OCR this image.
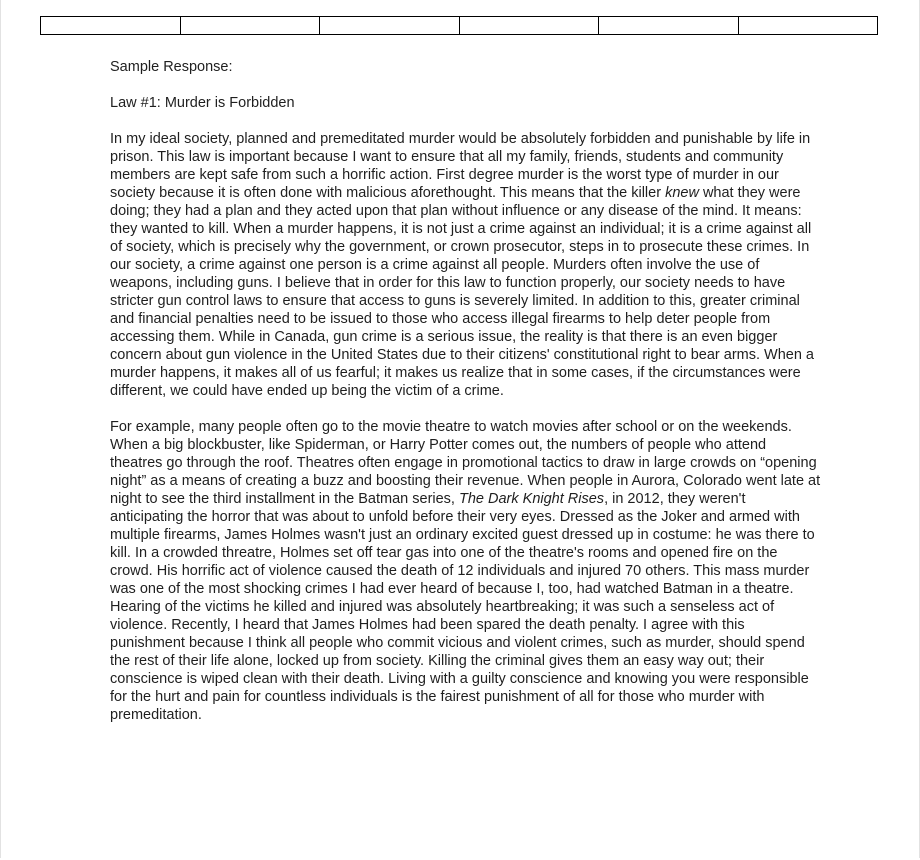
Sample Response:

Law #1: Murder is Forbidden

In my ideal society, planned and premeditated murder would be absolutely forbidden and punishable by life in prison. This law is important because I want to ensure that all my family, friends, students and community members are kept safe from such a horrific action. First degree murder is the worst type of murder in our society because it is often done with malicious aforethought. This means that the killer knew what they were doing; they had a plan and they acted upon that plan without influence or any disease of the mind. It means: they wanted to kill. When a murder happens, it is not just a crime against an individual; it is a crime against all of society, which is precisely why the government, or crown prosecutor, steps in to prosecute these crimes. In our society, a crime against one person is a crime against all people. Murders often involve the use of weapons, including guns. I believe that in order for this law to function properly, our society needs to have stricter gun control laws to ensure that access to guns is severely limited. In addition to this, greater criminal and financial penalties need to be issued to those who access illegal firearms to help deter people from accessing them. While in Canada, gun crime is a serious issue, the reality is that there is an even bigger concern about gun violence in the United States due to their citizens' constitutional right to bear arms. When a murder happens, it makes all of us fearful; it makes us realize that in some cases, if the circumstances were different, we could have ended up being the victim of a crime.

For example, many people often go to the movie theatre to watch movies after school or on the weekends. When a big blockbuster, like Spiderman, or Harry Potter comes out, the numbers of people who attend theatres go through the roof. Theatres often engage in promotional tactics to draw in large crowds on “opening night” as a means of creating a buzz and boosting their revenue. When people in Aurora, Colorado went late at night to see the third installment in the Batman series, The Dark Knight Rises, in 2012, they weren't anticipating the horror that was about to unfold before their very eyes. Dressed as the Joker and armed with multiple firearms, James Holmes wasn't just an ordinary excited guest dressed up in costume: he was there to kill. In a crowded threatre, Holmes set off tear gas into one of the theatre's rooms and opened fire on the crowd. His horrific act of violence caused the death of 12 individuals and injured 70 others. This mass murder was one of the most shocking crimes I had ever heard of because I, too, had watched Batman in a theatre. Hearing of the victims he killed and injured was absolutely heartbreaking; it was such a senseless act of violence. Recently, I heard that James Holmes had been spared the death penalty. I agree with this punishment because I think all people who commit vicious and violent crimes, such as murder, should spend the rest of their life alone, locked up from society. Killing the criminal gives them an easy way out; their conscience is wiped clean with their death. Living with a guilty conscience and knowing you were responsible for the hurt and pain for countless individuals is the fairest punishment of all for those who murder with premeditation.
